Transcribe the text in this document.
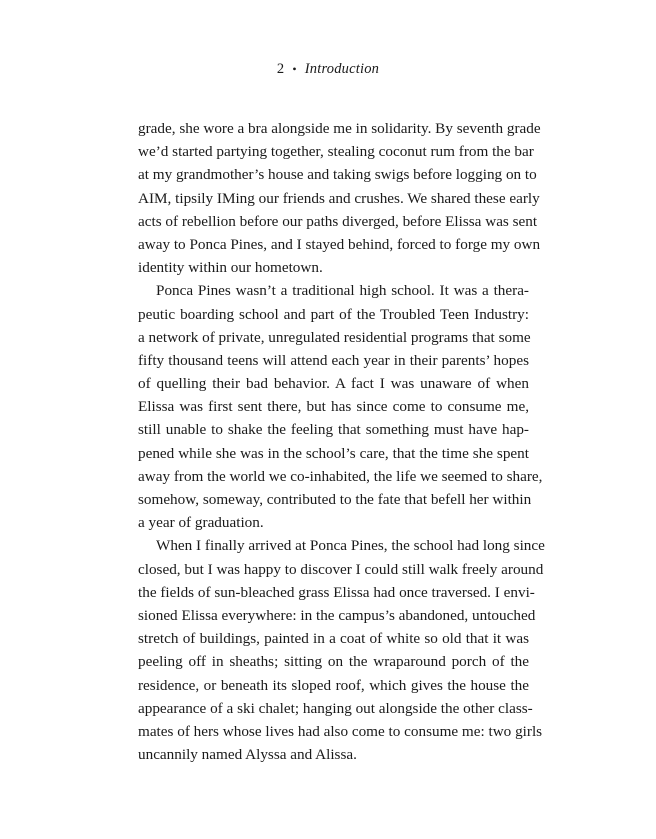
2 • Introduction
grade, she wore a bra alongside me in solidarity. By seventh grade
we’d started partying together, stealing coconut rum from the bar
at my grandmother’s house and taking swigs before logging on to
AIM, tipsily IMing our friends and crushes. We shared these early
acts of rebellion before our paths diverged, before Elissa was sent
away to Ponca Pines, and I stayed behind, forced to forge my own
identity within our hometown.
Ponca Pines wasn’t a traditional high school. It was a thera-
peutic boarding school and part of the Troubled Teen Industry:
a network of private, unregulated residential programs that some
fifty thousand teens will attend each year in their parents’ hopes
of quelling their bad behavior. A fact I was unaware of when
Elissa was first sent there, but has since come to consume me,
still unable to shake the feeling that something must have hap-
pened while she was in the school’s care, that the time she spent
away from the world we co-inhabited, the life we seemed to share,
somehow, someway, contributed to the fate that befell her within
a year of graduation.
When I finally arrived at Ponca Pines, the school had long since
closed, but I was happy to discover I could still walk freely around
the fields of sun-bleached grass Elissa had once traversed. I envi-
sioned Elissa everywhere: in the campus’s abandoned, untouched
stretch of buildings, painted in a coat of white so old that it was
peeling off in sheaths; sitting on the wraparound porch of the
residence, or beneath its sloped roof, which gives the house the
appearance of a ski chalet; hanging out alongside the other class-
mates of hers whose lives had also come to consume me: two girls
uncannily named Alyssa and Alissa.
